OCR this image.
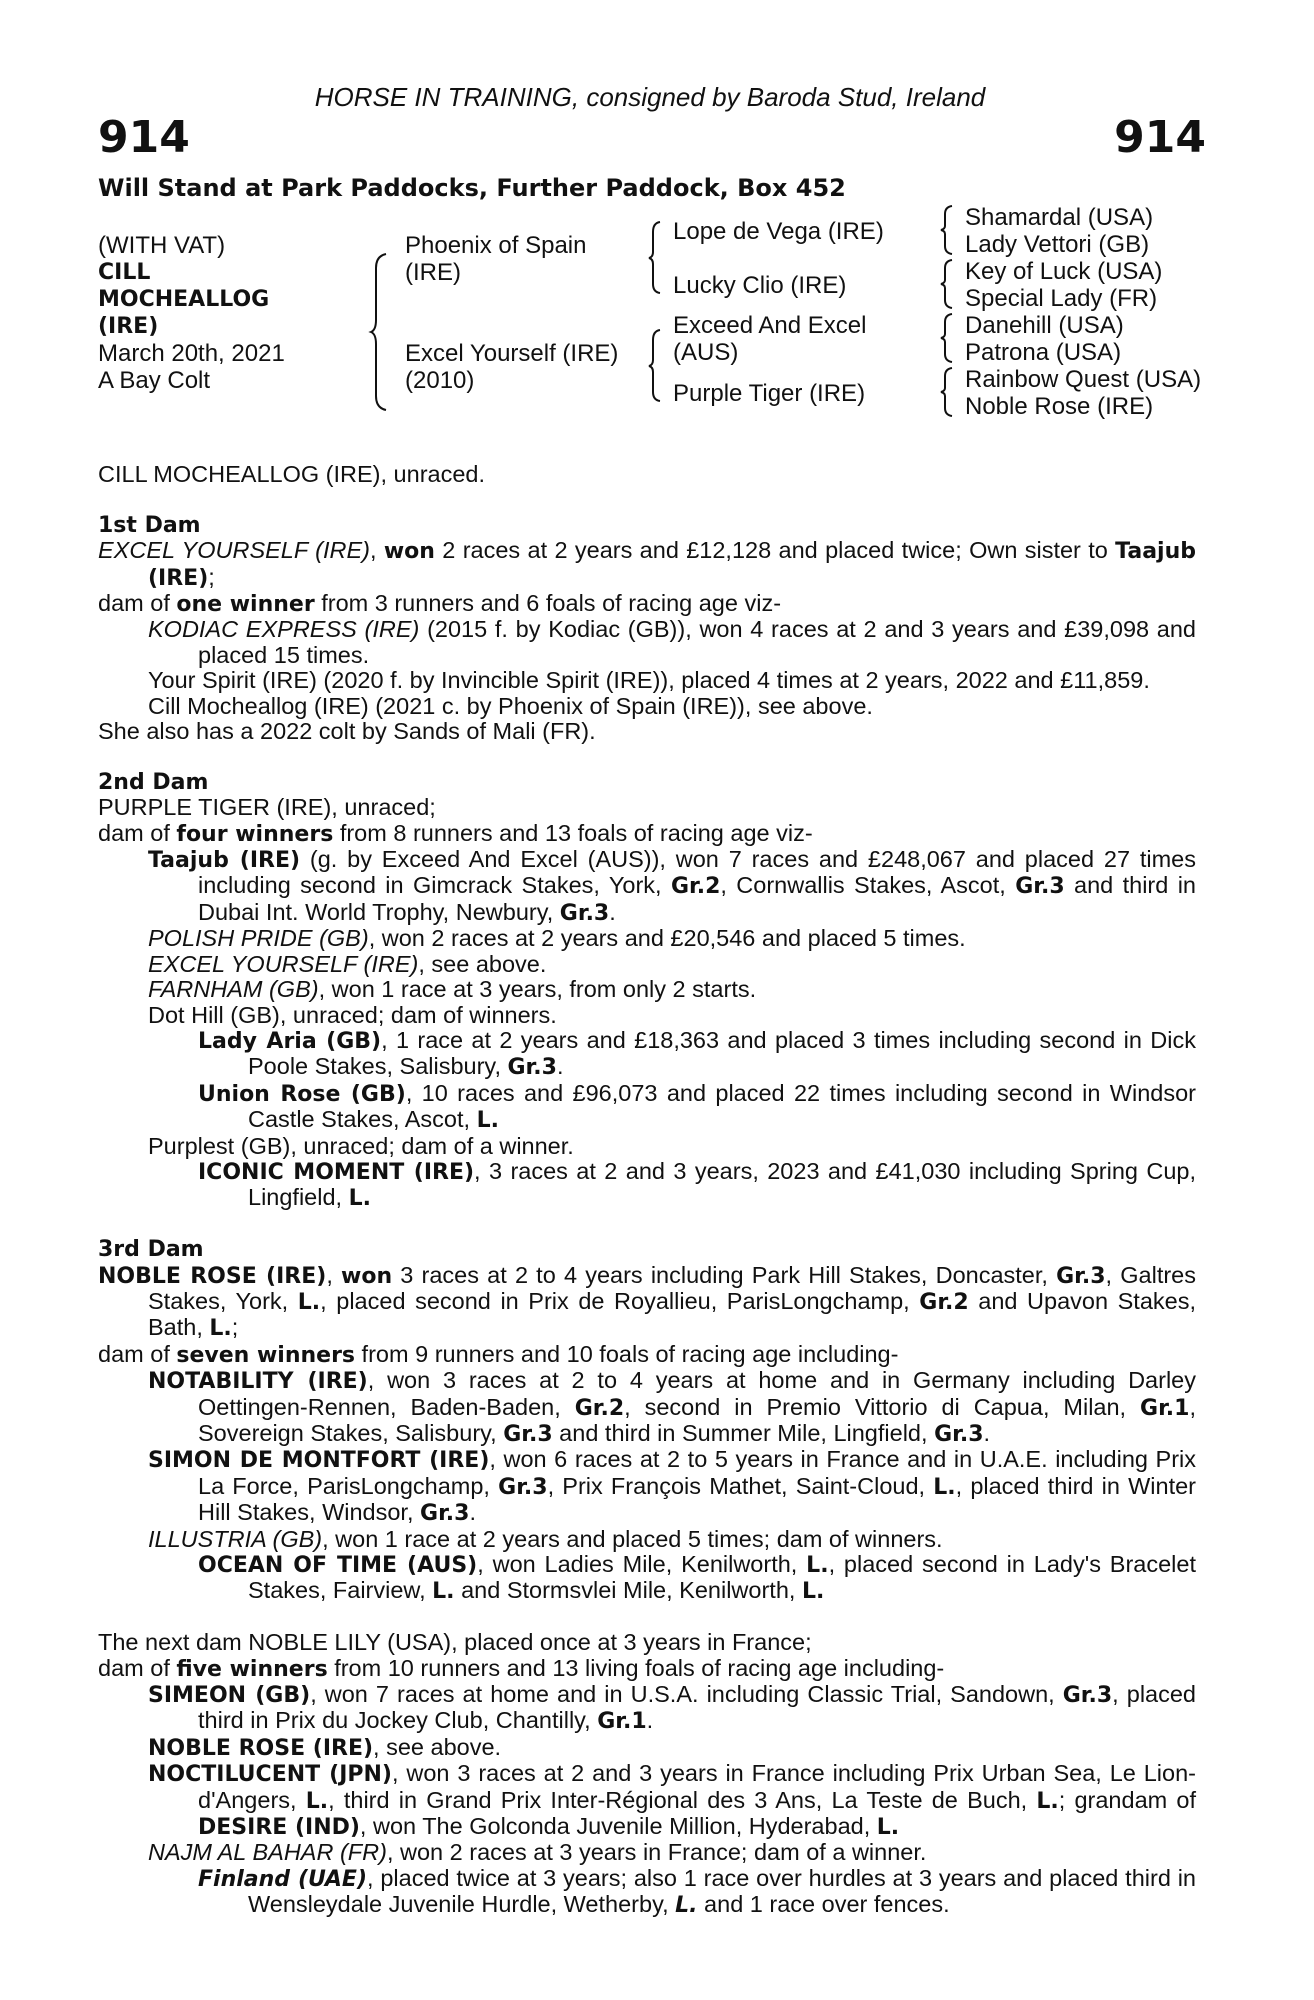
HORSE IN TRAINING, consigned by Baroda Stud, Ireland
914	914
Will Stand at Park Paddocks, Further Paddock, Box 452
(WITH VAT)
CILL
MOCHEALLOG
(IRE)
March 20th, 2021
A Bay Colt
Phoenix of Spain
(IRE)
Excel Yourself (IRE)
(2010)
Lope de Vega (IRE)
Lucky Clio (IRE)
Exceed And Excel
(AUS)
Purple Tiger (IRE)
Shamardal (USA)
Lady Vettori (GB)
Key of Luck (USA)
Special Lady (FR)
Danehill (USA)
Patrona (USA)
Rainbow Quest (USA)
Noble Rose (IRE)

CILL MOCHEALLOG (IRE), unraced.

1st Dam

EXCEL YOURSELF (IRE), won 2 races at 2 years and £12,128 and placed twice; Own sister to Taajub (IRE);

dam of one winner from 3 runners and 6 foals of racing age viz-

KODIAC EXPRESS (IRE) (2015 f. by Kodiac (GB)), won 4 races at 2 and 3 years and £39,098 and placed 15 times.

Your Spirit (IRE) (2020 f. by Invincible Spirit (IRE)), placed 4 times at 2 years, 2022 and £11,859.

Cill Mocheallog (IRE) (2021 c. by Phoenix of Spain (IRE)), see above.

She also has a 2022 colt by Sands of Mali (FR).

2nd Dam

PURPLE TIGER (IRE), unraced;

dam of four winners from 8 runners and 13 foals of racing age viz-

Taajub (IRE) (g. by Exceed And Excel (AUS)), won 7 races and £248,067 and placed 27 times including second in Gimcrack Stakes, York, Gr.2, Cornwallis Stakes, Ascot, Gr.3 and third in Dubai Int. World Trophy, Newbury, Gr.3.

POLISH PRIDE (GB), won 2 races at 2 years and £20,546 and placed 5 times.

EXCEL YOURSELF (IRE), see above.

FARNHAM (GB), won 1 race at 3 years, from only 2 starts.

Dot Hill (GB), unraced; dam of winners.

Lady Aria (GB), 1 race at 2 years and £18,363 and placed 3 times including second in Dick Poole Stakes, Salisbury, Gr.3.

Union Rose (GB), 10 races and £96,073 and placed 22 times including second in Windsor Castle Stakes, Ascot, L.

Purplest (GB), unraced; dam of a winner.

ICONIC MOMENT (IRE), 3 races at 2 and 3 years, 2023 and £41,030 including Spring Cup, Lingfield, L.

3rd Dam

NOBLE ROSE (IRE), won 3 races at 2 to 4 years including Park Hill Stakes, Doncaster, Gr.3, Galtres Stakes, York, L., placed second in Prix de Royallieu, ParisLongchamp, Gr.2 and Upavon Stakes, Bath, L.;

dam of seven winners from 9 runners and 10 foals of racing age including-

NOTABILITY (IRE), won 3 races at 2 to 4 years at home and in Germany including Darley Oettingen-Rennen, Baden-Baden, Gr.2, second in Premio Vittorio di Capua, Milan, Gr.1, Sovereign Stakes, Salisbury, Gr.3 and third in Summer Mile, Lingfield, Gr.3.

SIMON DE MONTFORT (IRE), won 6 races at 2 to 5 years in France and in U.A.E. including Prix La Force, ParisLongchamp, Gr.3, Prix François Mathet, Saint-Cloud, L., placed third in Winter Hill Stakes, Windsor, Gr.3.

ILLUSTRIA (GB), won 1 race at 2 years and placed 5 times; dam of winners.

OCEAN OF TIME (AUS), won Ladies Mile, Kenilworth, L., placed second in Lady's Bracelet Stakes, Fairview, L. and Stormsvlei Mile, Kenilworth, L.

The next dam NOBLE LILY (USA), placed once at 3 years in France;

dam of five winners from 10 runners and 13 living foals of racing age including-

SIMEON (GB), won 7 races at home and in U.S.A. including Classic Trial, Sandown, Gr.3, placed third in Prix du Jockey Club, Chantilly, Gr.1.

NOBLE ROSE (IRE), see above.

NOCTILUCENT (JPN), won 3 races at 2 and 3 years in France including Prix Urban Sea, Le Lion-d'Angers, L., third in Grand Prix Inter-Régional des 3 Ans, La Teste de Buch, L.; grandam of DESIRE (IND), won The Golconda Juvenile Million, Hyderabad, L.

NAJM AL BAHAR (FR), won 2 races at 3 years in France; dam of a winner.

Finland (UAE), placed twice at 3 years; also 1 race over hurdles at 3 years and placed third in Wensleydale Juvenile Hurdle, Wetherby, L. and 1 race over fences.
